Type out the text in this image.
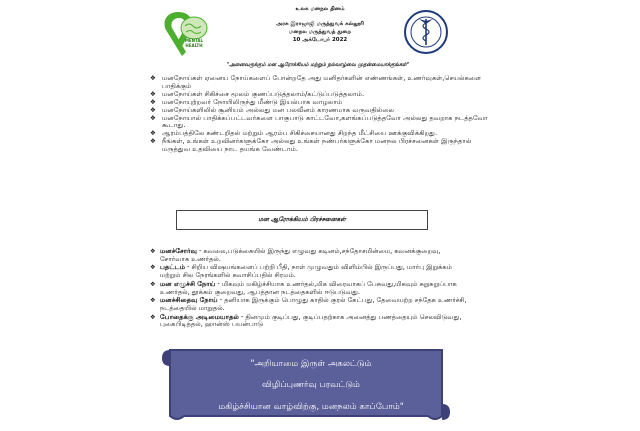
MENTAL
HEALTH
உலக மனநல தினம்
அரசு இராஜாஜி மருத்துவக் கல்லூரி
மனநல மருத்துவத் துறை
10 அக்டோபர் 2022
"அனைவருக்கும் மன ஆரோக்கியம் மற்றும் நல்வாழ்வை முதன்மையாக்குங்கள்"
❖ மனநோய்கள் ஏனைய நோய்களைப் போன்றதே அது மனிதர்களின் எண்ணங்கள், உணர்வுகள்,செயல்களை பாதிக்கும்
❖ மனநோய்கள் சிகிச்சை மூலம் குணப்படுத்தலாம்/கட்டுப்படுத்தலாம்.
❖ மனநோயுற்றவர் நோயிலிருந்து மீண்டு இயல்பாக வாழலாம்
❖ மனநோய்களிலில் சூனியம் அல்லது மன பலவீனம் காரணமாக வருவதில்லை
❖ மனநோயால் பாதிக்கப்பட்டவர்களை பாகுபாடு காட்டவோ,களங்கப்படுத்தவோ அல்லது தவறாக நடத்தவோ கூடாது.
❖ ஆரம்பத்திலே கண்டறிதல் மற்றும் ஆரம்ப சிகிச்சையானது சிறந்த மீட்சியை ஊக்குவிக்கிறது.
❖ நீங்கள், உங்கள் உறவினர்களுக்கோ அல்லது உங்கள் நண்பர்களுக்கோ மனநல பிரச்சனைகள் இருந்தால் மருத்துவ உதவியை நாட தயங்க வேண்டாம்.
மன ஆரோக்கியம் பிரச்சனைகள்
❖ மனச்சோர்வு - கவலை,படுக்கையில் இருந்து எழுவது கடினம்,சந்தோசமின்மை, கவனக்குறைவு, சோர்வாக உணர்தல்.
❖ பதட்டம் - சிறிய விஷயங்களைப் பற்றி பீதி, நாள் முழுவதும் விளிம்பில் இருப்பது, மார்பு இறுக்கம் மற்றும் சில நேரங்களில் சுவாசிப்பதில் சிரமம்.
❖ மன எழுச்சி நோய் - மிகவும் மகிழ்ச்சியாக உணர்தல்,மிக விரைவாகப் பேசுவது,மிகவும் சுறுசுறுப்பாக உணர்தல், தூக்கம் குறைவது, ஆபத்தான நடத்தைகளில் ஈடுபடுவது.
❖ மனச்சிதைவு நோய் - தனியாக இருக்கும் பொழுது காதில் குரல் கேட்பது, தேவையற்ற சந்தேக உணர்ச்சி, நடத்தையில் மாறுதல்.
❖ போதைக்கு அடிமையாதல் - தினமும் குடிப்பது, குடிப்பதற்காக அனைத்து பணத்தையும் செலவிடுவது, புகைபிடித்தல், ஹான்ஸ் பயன்பாடு
"அறியாமை இருள் அகலட்டும்
விழிப்புணர்வு பரவட்டும்
மகிழ்ச்சியான வாழ்விற்கு, மனநலம் காப்போம்"
